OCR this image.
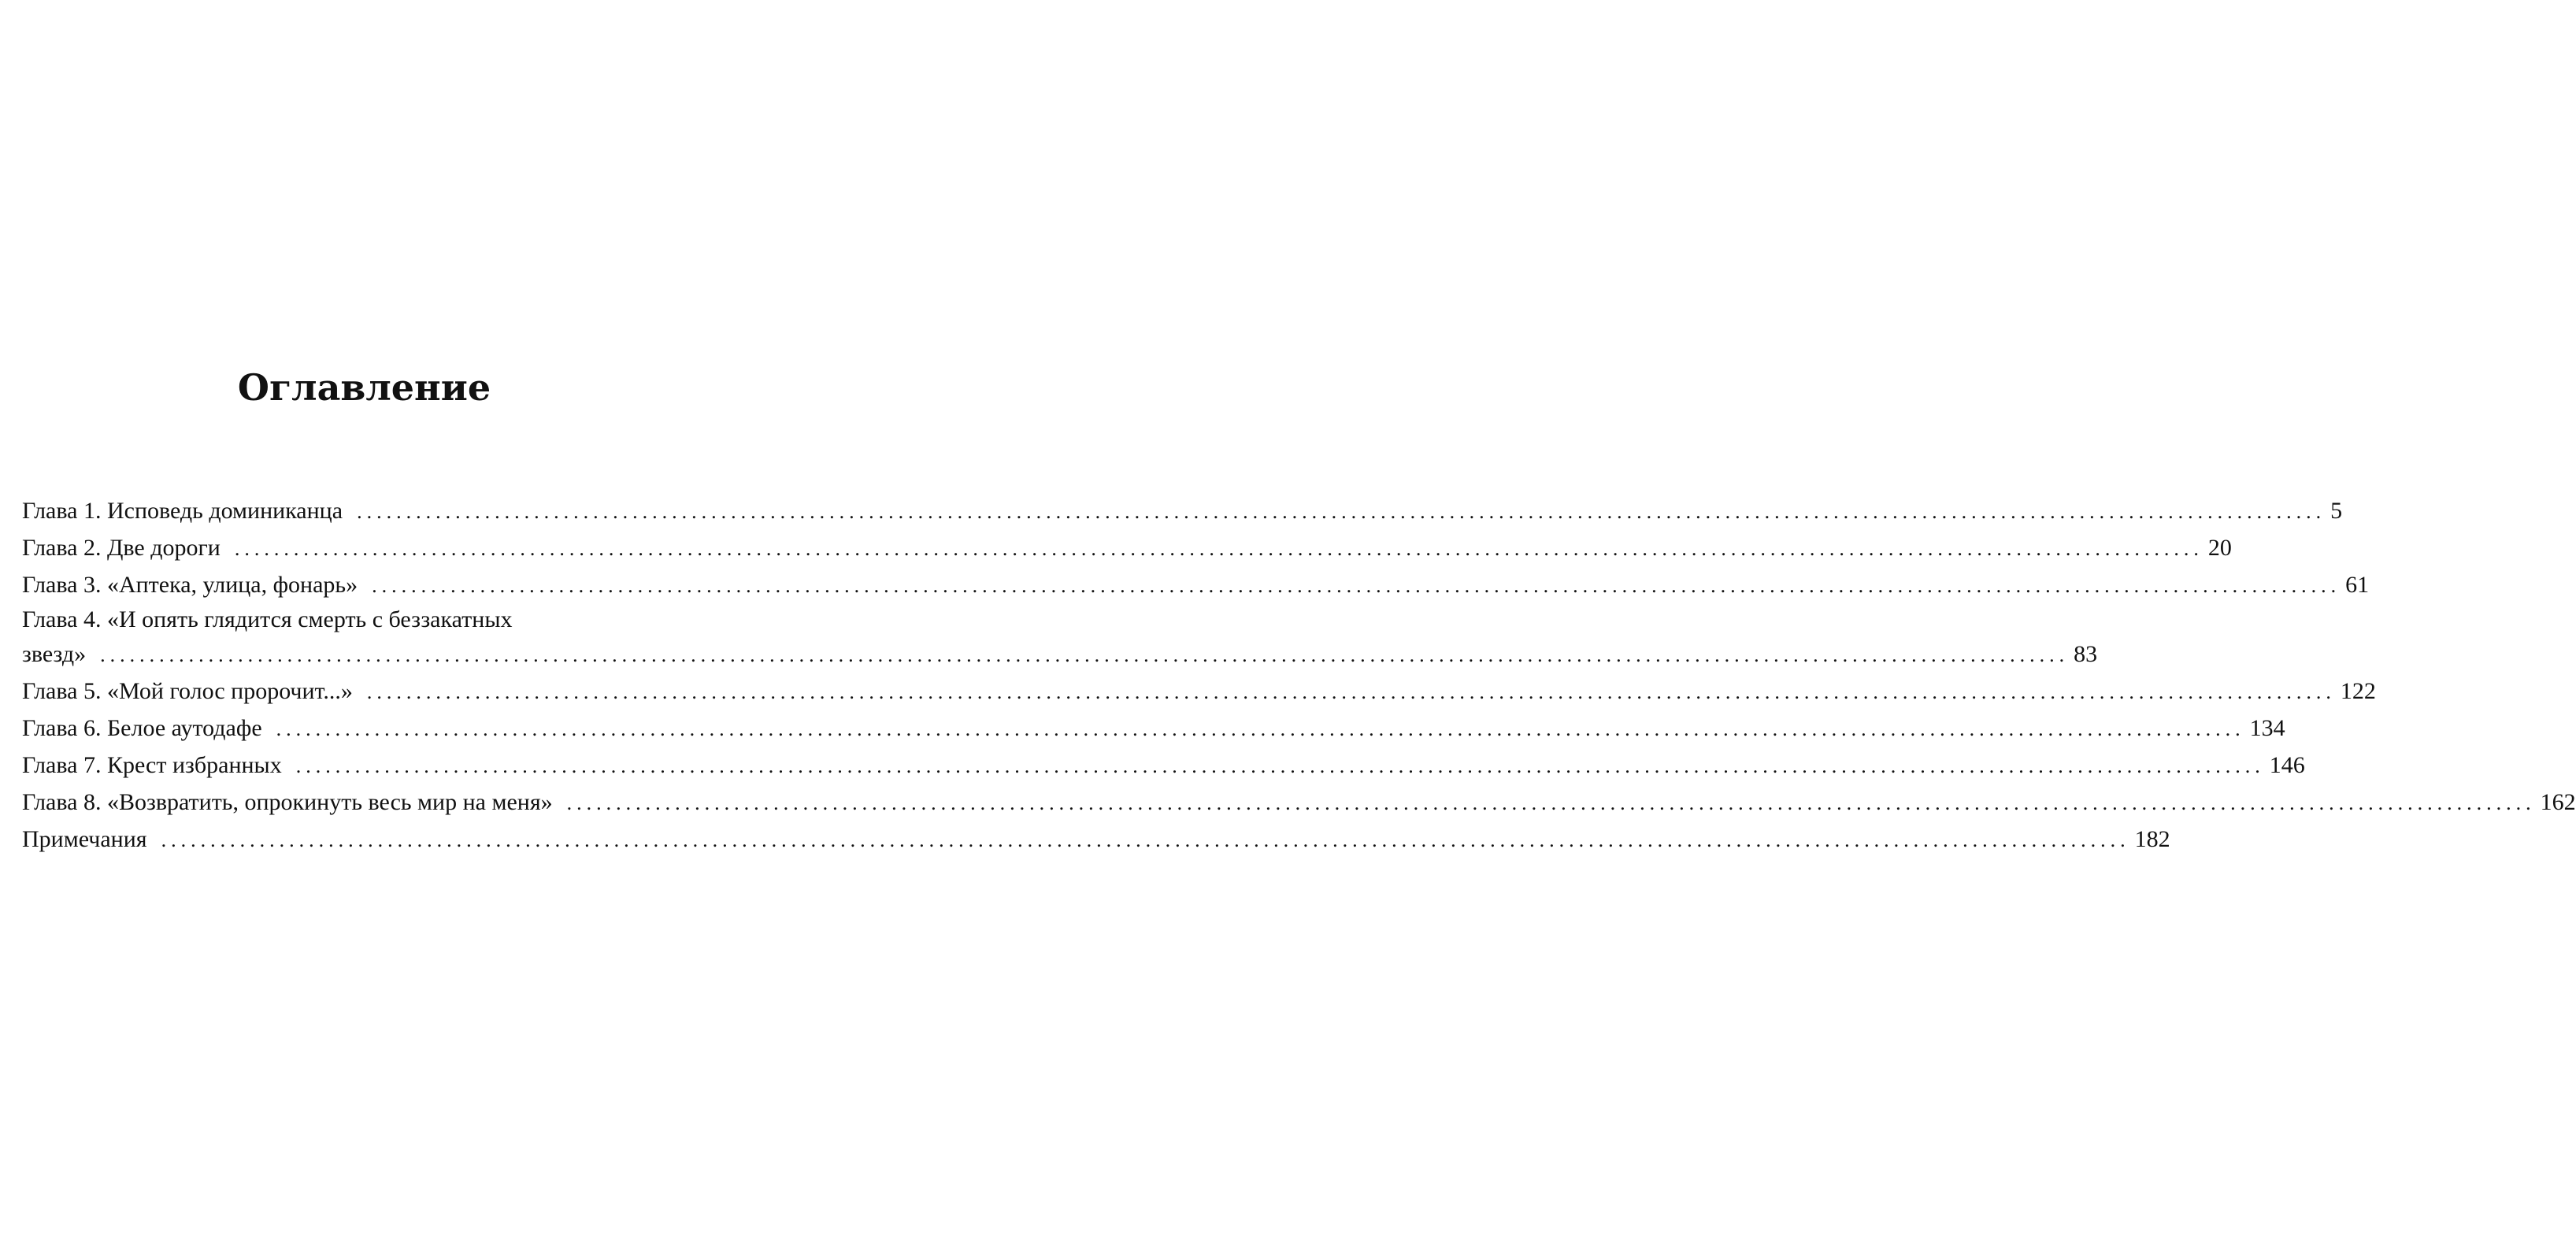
Оглавление
Глава 1. Исповедь доминиканца ........................................................................................................................................................................................................ 5
Глава 2. Две дороги ........................................................................................................................................................................................................ 20
Глава 3. «Аптека, улица, фонарь» ........................................................................................................................................................................................................ 61
Глава 4. «И опять глядится смерть с беззакатных
звезд» ........................................................................................................................................................................................................ 83
Глава 5. «Мой голос пророчит...» ........................................................................................................................................................................................................ 122
Глава 6. Белое аутодафе ........................................................................................................................................................................................................ 134
Глава 7. Крест избранных ........................................................................................................................................................................................................ 146
Глава 8. «Возвратить, опрокинуть весь мир на меня» ........................................................................................................................................................................................................ 162
Примечания ........................................................................................................................................................................................................ 182
